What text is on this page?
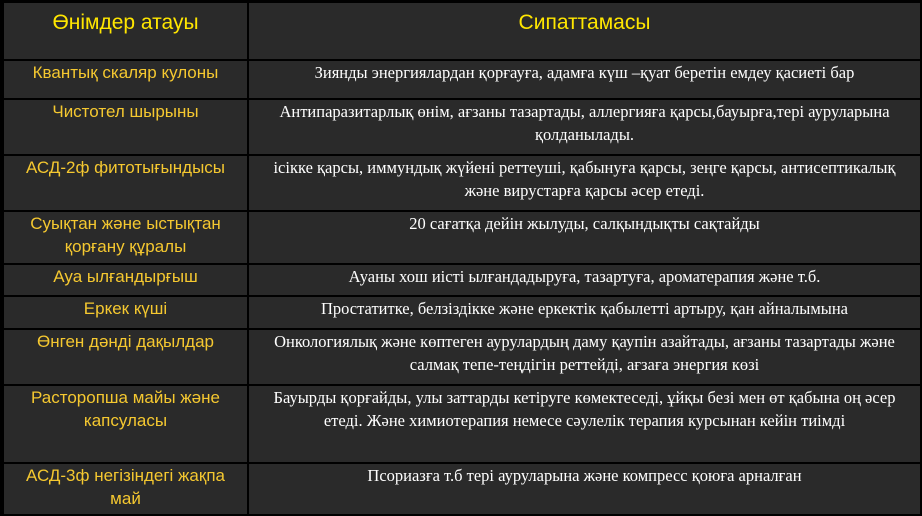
Өнімдер атауы	Сипаттамасы
Квантық скаляр кулоны	Зиянды энергиялардан қорғауға, адамға күш –қуат беретін емдеу қасиеті бар
Чистотел шырыны	Антипаразитарлық өнім, ағзаны тазартады, аллергияға қарсы,бауырға,тері ауруларына қолданылады.
АСД-2ф фитотығындысы	ісікке қарсы, иммундық жүйені реттеуші, қабынуға қарсы, зеңге қарсы, антисептикалық және вирустарға қарсы әсер етеді.
Суықтан және ыстықтан қорғану құралы	20 сағатқа дейін жылуды, салқындықты сақтайды
Ауа ылғандырғыш	Ауаны хош иісті ылғандадыруға, тазартуға, ароматерапия және т.б.
Еркек күші	Простатитке, белзіздікке және еркектік қабылетті артыру, қан айналымына
Өнген дәнді дақылдар	Онкологиялық және көптеген аурулардың даму қаупін азайтады, ағзаны тазартады және салмақ тепе-теңдігін реттейді, ағзаға энергия көзі
Расторопша майы және капсуласы	Бауырды қорғайды, улы заттарды кетіруге көмектеседі, ұйқы безі мен өт қабына оң әсер етеді. Және химиотерапия немесе сәулелік терапия курсынан кейін тиімді
АСД-3ф негізіндегі жақпа май	Псориазға т.б тері ауруларына және компресс қоюға арналған
